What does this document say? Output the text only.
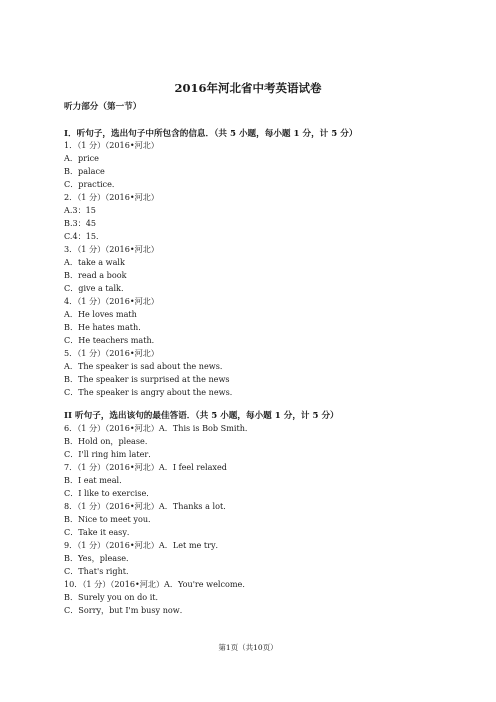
2016年河北省中考英语试卷
听力部分（第一节）
I．听句子，选出句子中所包含的信息．（共 5 小题，每小题 1 分，计 5 分）
1．（1 分）（2016•河北）
A．price
B．palace
C．practice．
2．（1 分）（2016•河北）
A.3：15
B.3：45
C.4：15．
3．（1 分）（2016•河北）
A．take a walk
B．read a book
C．give a talk．
4．（1 分）（2016•河北）
A．He loves math
B．He hates math．
C．He teachers math．
5．（1 分）（2016•河北）
A．The speaker is sad about the news．
B．The speaker is surprised at the news
C．The speaker is angry about the news．
II 听句子，选出该句的最佳答语．（共 5 小题，每小题 1 分，计 5 分）
6．（1 分）（2016•河北）A．This is Bob Smith．
B．Hold on，please．
C．I'll ring him later．
7．（1 分）（2016•河北）A．I feel relaxed
B．I eat meal．
C．I like to exercise．
8．（1 分）（2016•河北）A．Thanks a lot．
B．Nice to meet you．
C．Take it easy．
9．（1 分）（2016•河北）A．Let me try．
B．Yes，please．
C．That's right．
10．（1 分）（2016•河北）A．You're welcome．
B．Surely you on do it．
C．Sorry，but I'm busy now．
第1页（共10页）
